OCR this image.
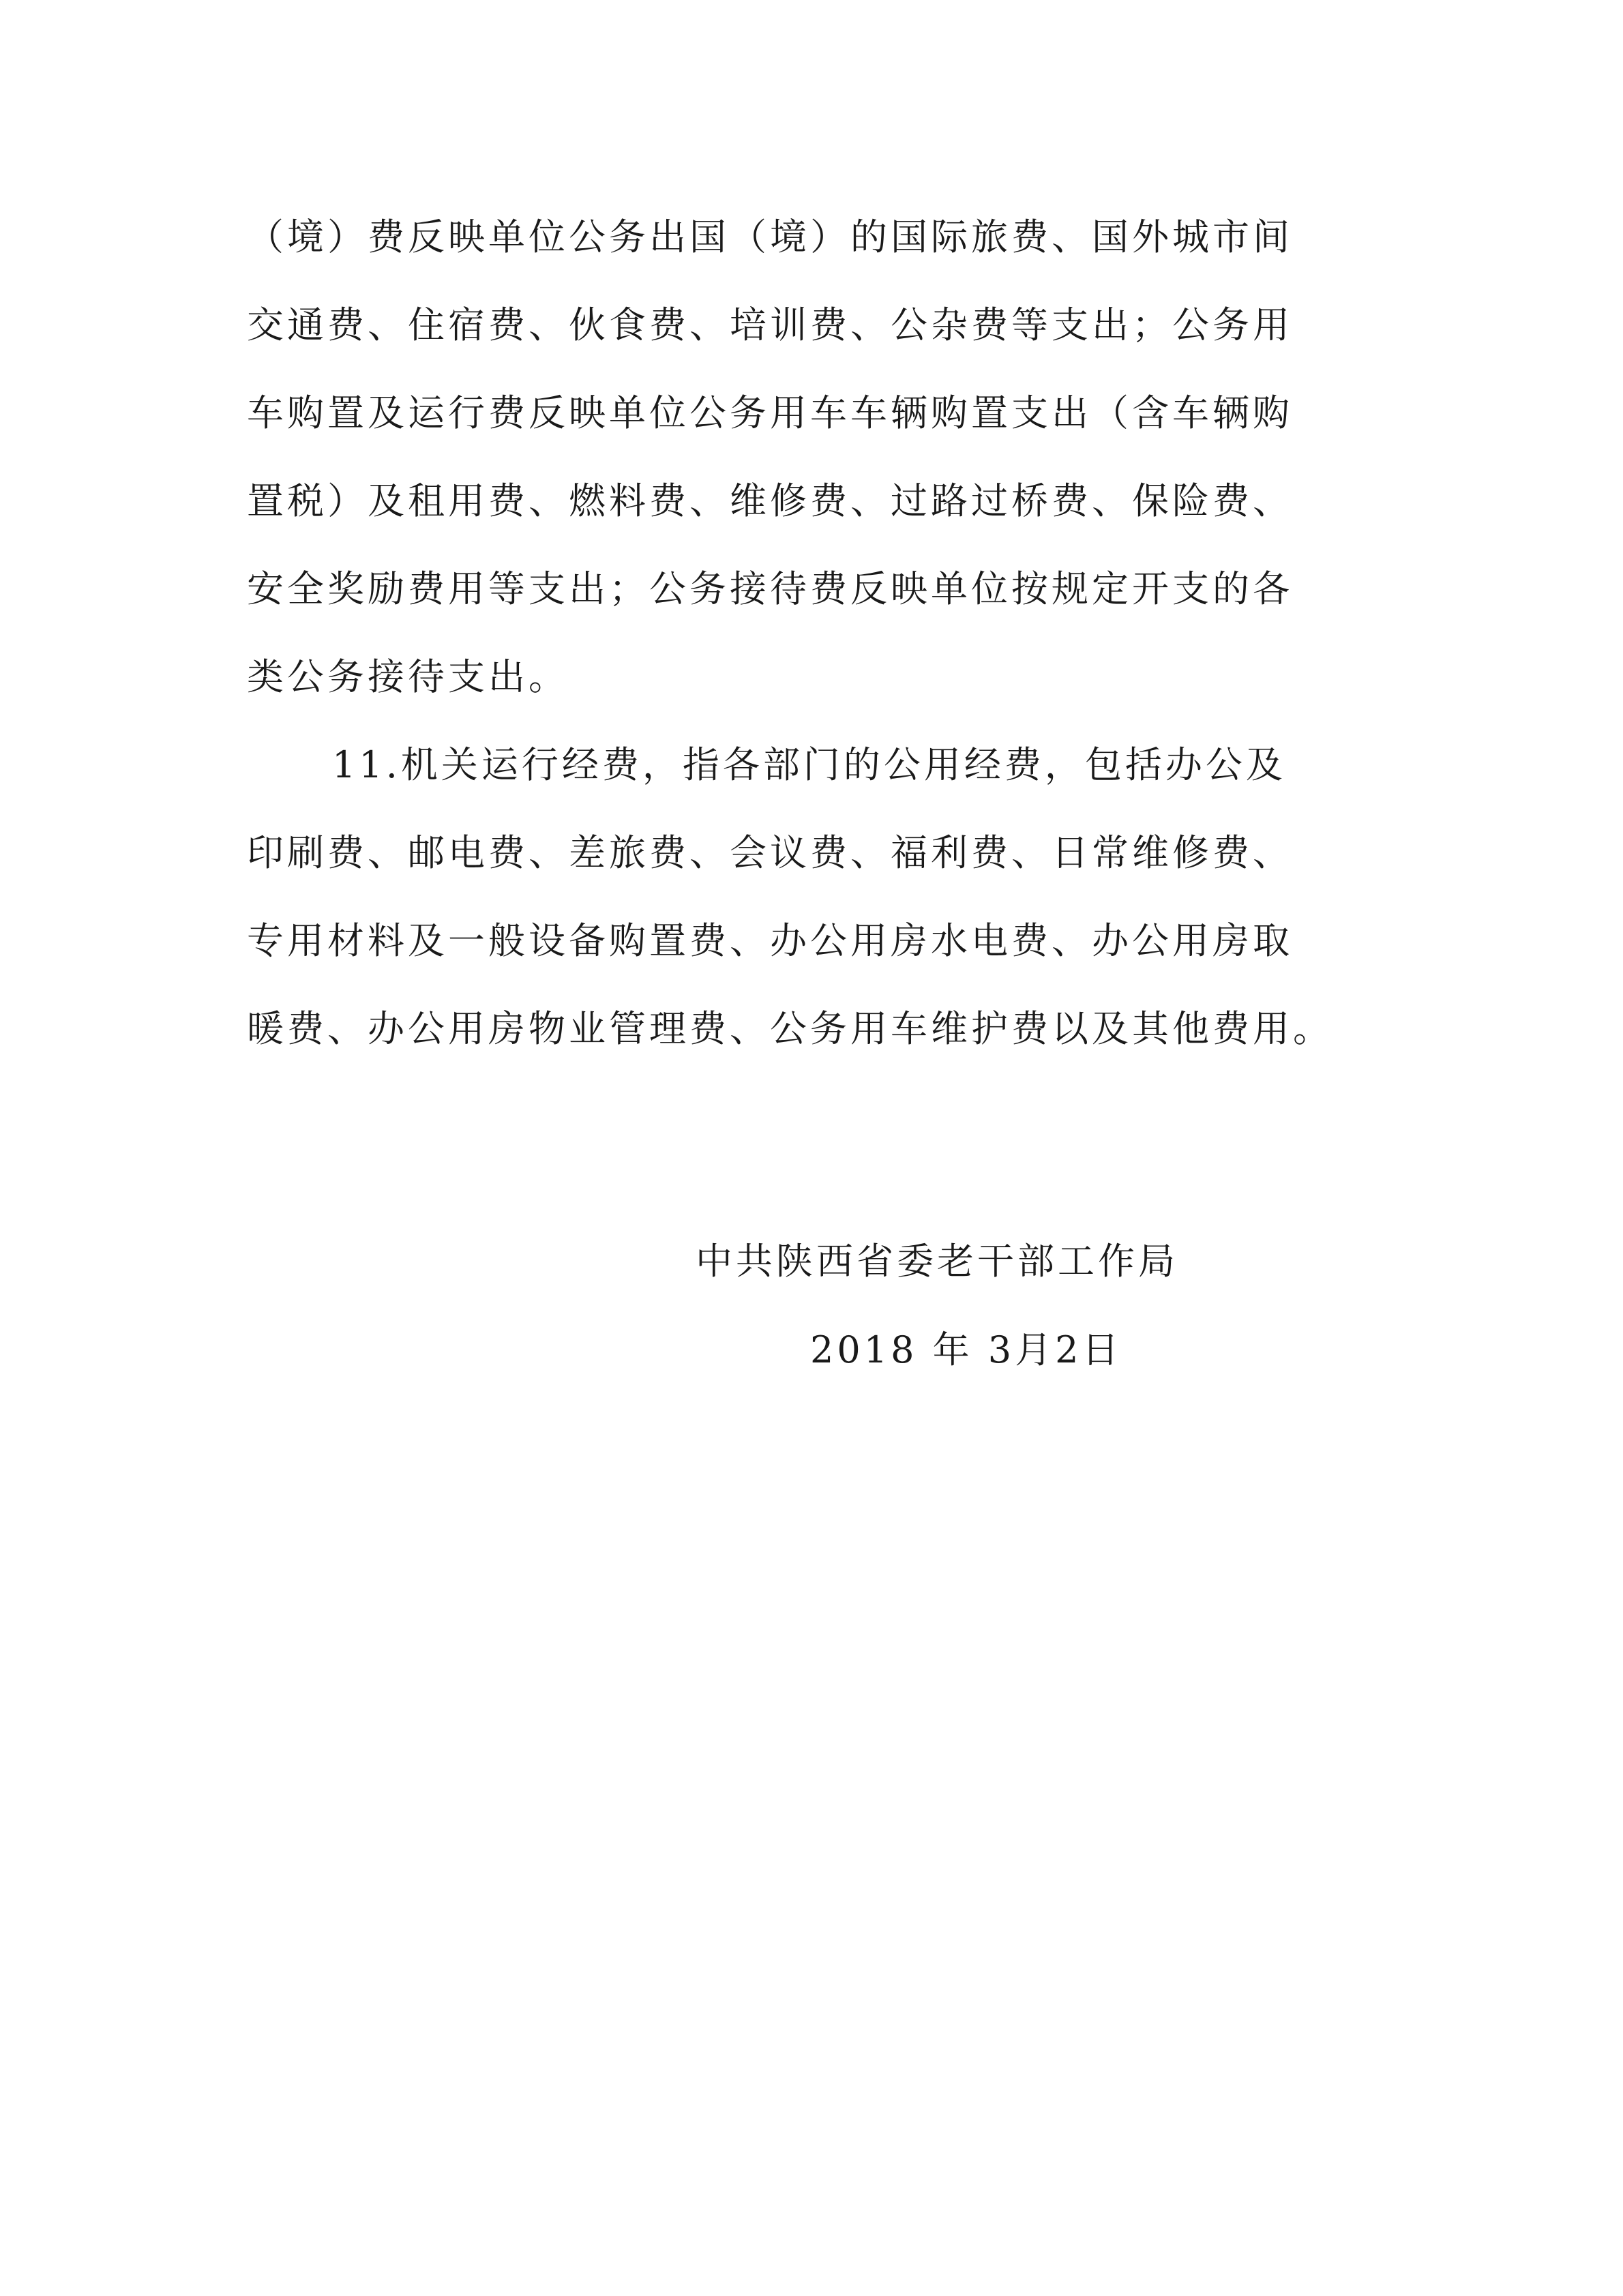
（境）费反映单位公务出国（境）的国际旅费、国外城市间
交通费、住宿费、伙食费、培训费、公杂费等支出；公务用
车购置及运行费反映单位公务用车车辆购置支出（含车辆购
置税）及租用费、燃料费、维修费、过路过桥费、保险费、
安全奖励费用等支出；公务接待费反映单位按规定开支的各
类公务接待支出。
11.机关运行经费，指各部门的公用经费，包括办公及
印刷费、邮电费、差旅费、会议费、福利费、日常维修费、
专用材料及一般设备购置费、办公用房水电费、办公用房取
暖费、办公用房物业管理费、公务用车维护费以及其他费用。
中共陕西省委老干部工作局
2018 年 3月2日
